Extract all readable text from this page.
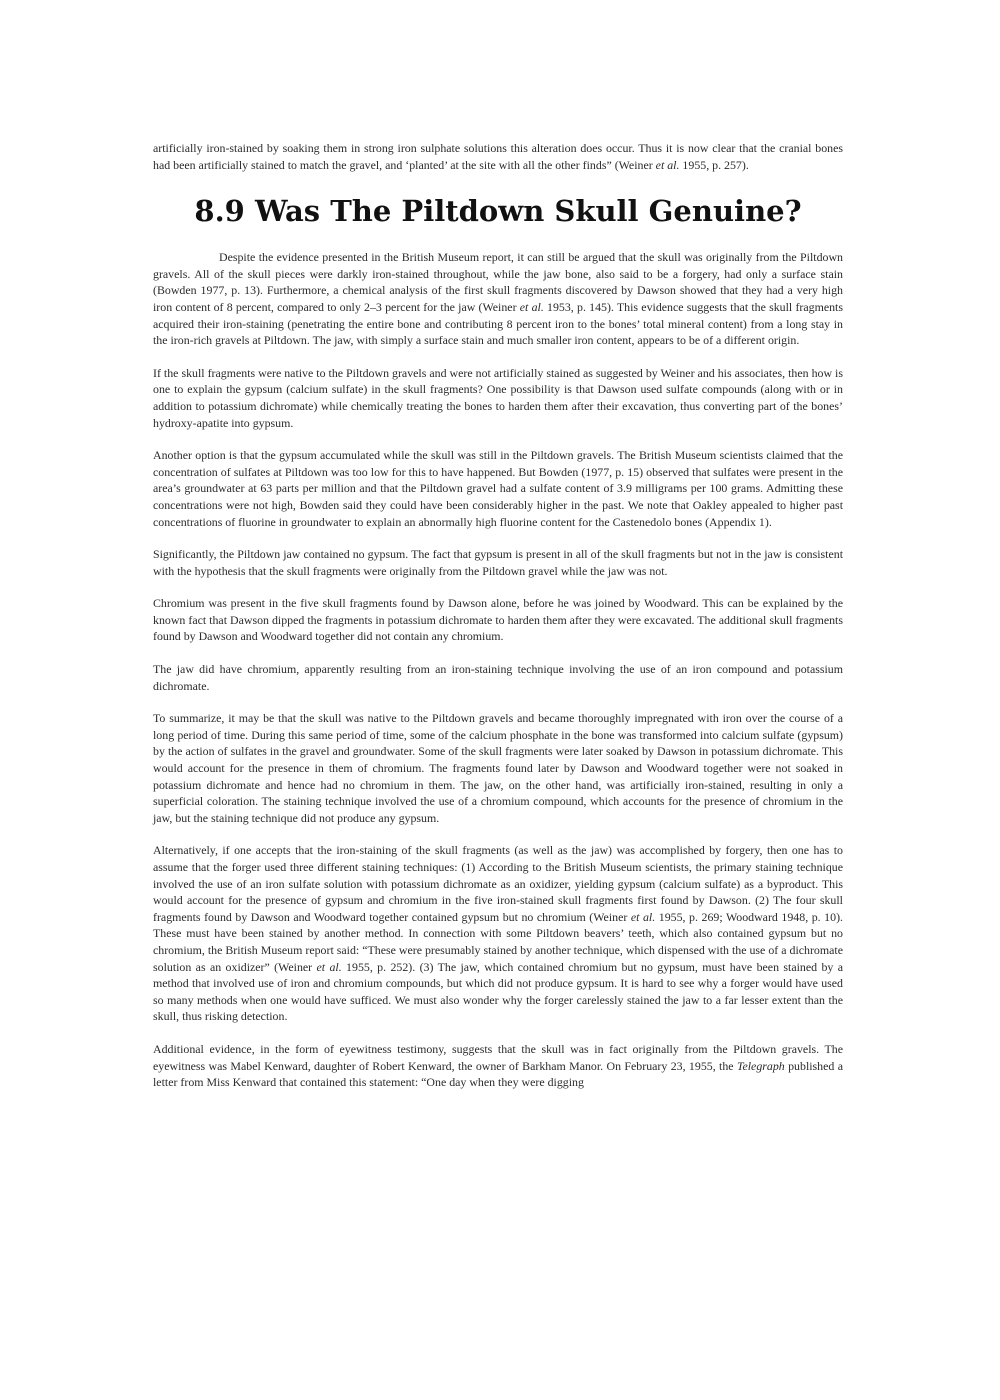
artificially iron-stained by soaking them in strong iron sulphate solutions this alteration does occur. Thus it is now clear that the cranial bones had been artificially stained to match the gravel, and ‘planted’ at the site with all the other finds” (Weiner et al. 1955, p. 257).

8.9 Was The Piltdown Skull Genuine?

Despite the evidence presented in the British Museum report, it can still be argued that the skull was originally from the Piltdown gravels. All of the skull pieces were darkly iron-stained throughout, while the jaw bone, also said to be a forgery, had only a surface stain (Bowden 1977, p. 13). Furthermore, a chemical analysis of the first skull fragments discovered by Dawson showed that they had a very high iron content of 8 percent, compared to only 2–3 percent for the jaw (Weiner et al. 1953, p. 145). This evidence suggests that the skull fragments acquired their iron-staining (penetrating the entire bone and contributing 8 percent iron to the bones’ total mineral content) from a long stay in the iron-rich gravels at Piltdown. The jaw, with simply a surface stain and much smaller iron content, appears to be of a different origin.

If the skull fragments were native to the Piltdown gravels and were not artificially stained as suggested by Weiner and his associates, then how is one to explain the gypsum (calcium sulfate) in the skull fragments? One possibility is that Dawson used sulfate compounds (along with or in addition to potassium dichromate) while chemically treating the bones to harden them after their excavation, thus converting part of the bones’ hydroxy-apatite into gypsum.

Another option is that the gypsum accumulated while the skull was still in the Piltdown gravels. The British Museum scientists claimed that the concentration of sulfates at Piltdown was too low for this to have happened. But Bowden (1977, p. 15) observed that sulfates were present in the area’s groundwater at 63 parts per million and that the Piltdown gravel had a sulfate content of 3.9 milligrams per 100 grams. Admitting these concentrations were not high, Bowden said they could have been considerably higher in the past. We note that Oakley appealed to higher past concentrations of fluorine in groundwater to explain an abnormally high fluorine content for the Castenedolo bones (Appendix 1).

Significantly, the Piltdown jaw contained no gypsum. The fact that gypsum is present in all of the skull fragments but not in the jaw is consistent with the hypothesis that the skull fragments were originally from the Piltdown gravel while the jaw was not.

Chromium was present in the five skull fragments found by Dawson alone, before he was joined by Woodward. This can be explained by the known fact that Dawson dipped the fragments in potassium dichromate to harden them after they were excavated. The additional skull fragments found by Dawson and Woodward together did not contain any chromium.

The jaw did have chromium, apparently resulting from an iron-staining technique involving the use of an iron compound and potassium dichromate.

To summarize, it may be that the skull was native to the Piltdown gravels and became thoroughly impregnated with iron over the course of a long period of time. During this same period of time, some of the calcium phosphate in the bone was transformed into calcium sulfate (gypsum) by the action of sulfates in the gravel and groundwater. Some of the skull fragments were later soaked by Dawson in potassium dichromate. This would account for the presence in them of chromium. The fragments found later by Dawson and Woodward together were not soaked in potassium dichromate and hence had no chromium in them. The jaw, on the other hand, was artificially iron-stained, resulting in only a superficial coloration. The staining technique involved the use of a chromium compound, which accounts for the presence of chromium in the jaw, but the staining technique did not produce any gypsum.

Alternatively, if one accepts that the iron-staining of the skull fragments (as well as the jaw) was accomplished by forgery, then one has to assume that the forger used three different staining techniques: (1) According to the British Museum scientists, the primary staining technique involved the use of an iron sulfate solution with potassium dichromate as an oxidizer, yielding gypsum (calcium sulfate) as a byproduct. This would account for the presence of gypsum and chromium in the five iron-stained skull fragments first found by Dawson. (2) The four skull fragments found by Dawson and Woodward together contained gypsum but no chromium (Weiner et al. 1955, p. 269; Woodward 1948, p. 10). These must have been stained by another method. In connection with some Piltdown beavers’ teeth, which also contained gypsum but no chromium, the British Museum report said: “These were presumably stained by another technique, which dispensed with the use of a dichromate solution as an oxidizer” (Weiner et al. 1955, p. 252). (3) The jaw, which contained chromium but no gypsum, must have been stained by a method that involved use of iron and chromium compounds, but which did not produce gypsum. It is hard to see why a forger would have used so many methods when one would have sufficed. We must also wonder why the forger carelessly stained the jaw to a far lesser extent than the skull, thus risking detection.

Additional evidence, in the form of eyewitness testimony, suggests that the skull was in fact originally from the Piltdown gravels. The eyewitness was Mabel Kenward, daughter of Robert Kenward, the owner of Barkham Manor. On February 23, 1955, the Telegraph published a letter from Miss Kenward that contained this statement: “One day when they were digging
